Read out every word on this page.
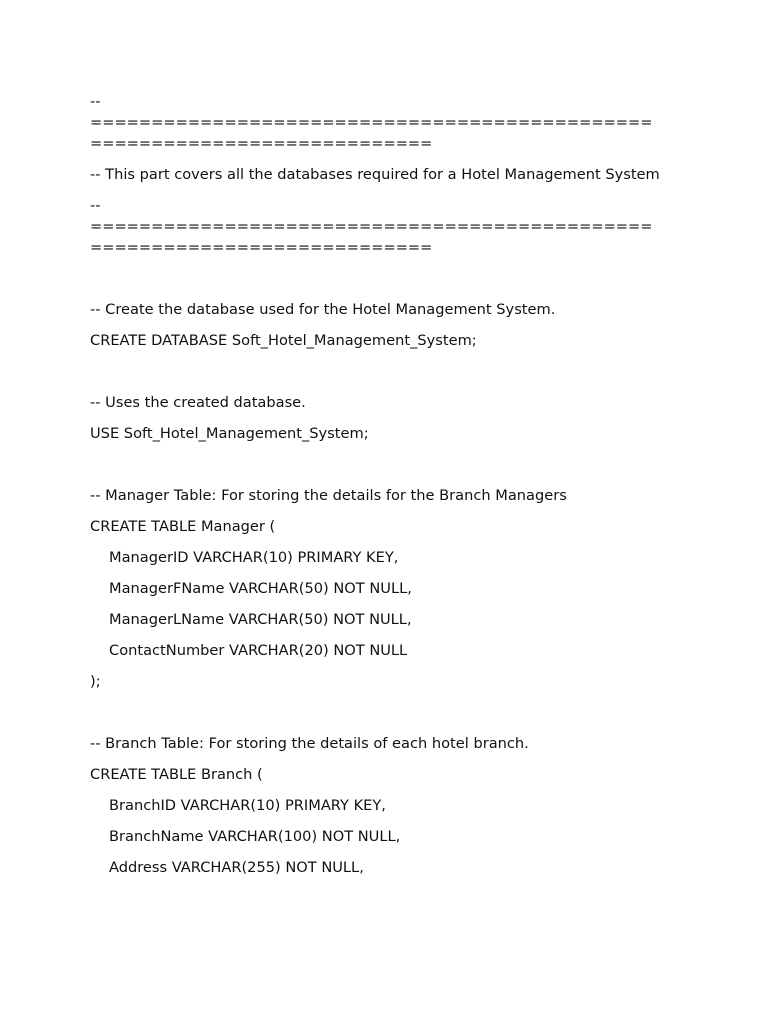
--
==============================================
============================
-- This part covers all the databases required for a Hotel Management System
--
==============================================
============================
-- Create the database used for the Hotel Management System.
CREATE DATABASE Soft_Hotel_Management_System;
-- Uses the created database.
USE Soft_Hotel_Management_System;
-- Manager Table: For storing the details for the Branch Managers
CREATE TABLE Manager (
ManagerID VARCHAR(10) PRIMARY KEY,
ManagerFName VARCHAR(50) NOT NULL,
ManagerLName VARCHAR(50) NOT NULL,
ContactNumber VARCHAR(20) NOT NULL
);
-- Branch Table: For storing the details of each hotel branch.
CREATE TABLE Branch (
BranchID VARCHAR(10) PRIMARY KEY,
BranchName VARCHAR(100) NOT NULL,
Address VARCHAR(255) NOT NULL,
